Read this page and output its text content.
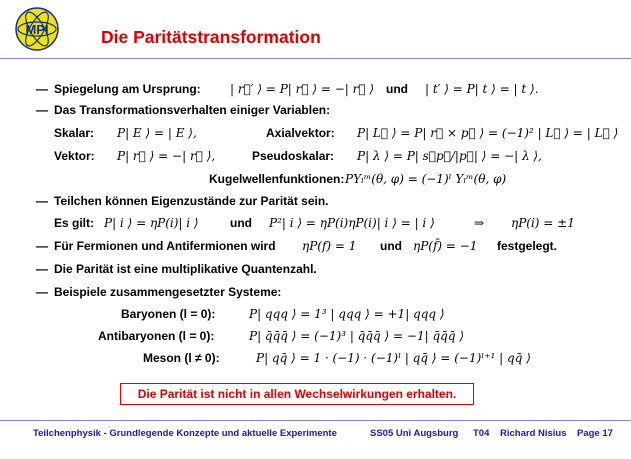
MPI	Die Paritätstransformation
— Spiegelung am Ursprung: | r⃗′ ⟩ = P| r⃗ ⟩ = −| r⃗ ⟩ und | t′ ⟩ = P| t ⟩ = | t ⟩.
— Das Transformationsverhalten einiger Variablen:
Skalar: P| E ⟩ = | E ⟩,	Axialvektor: P| L⃗ ⟩ = P| r⃗ × p⃗ ⟩ = (−1)² | L⃗ ⟩ = | L⃗ ⟩
Vektor: P| r⃗ ⟩ = −| r⃗ ⟩,	Pseudoskalar: P| λ ⟩ = P| s⃗p⃗/|p⃗| ⟩ = −| λ ⟩,
Kugelwellenfunktionen: PYₗᵐ(θ, φ) = (−1)ˡ Yₗᵐ(θ, φ)
— Teilchen können Eigenzustände zur Parität sein.
Es gilt: P| i ⟩ = ηP(i)| i ⟩	und P²| i ⟩ = ηP(i)ηP(i)| i ⟩ = | i ⟩	⇒ ηP(i) = ±1
— Für Fermionen und Antifermionen wird ηP(f) = 1 und ηP(f̄) = −1 festgelegt.
— Die Parität ist eine multiplikative Quantenzahl.
— Beispiele zusammengesetzter Systeme:
Baryonen (l = 0):	P| qqq ⟩ = 1³ | qqq ⟩ = +1| qqq ⟩
Antibaryonen (l = 0):	P| q̄q̄q̄ ⟩ = (−1)³ | q̄q̄q̄ ⟩ = −1| q̄q̄q̄ ⟩
Meson (l ≠ 0):	P| qq̄ ⟩ = 1 · (−1) · (−1)ˡ | qq̄ ⟩ = (−1)ˡ⁺¹ | qq̄ ⟩
Die Parität ist nicht in allen Wechselwirkungen erhalten.
Teilchenphysik - Grundlegende Konzepte und aktuelle Experimente	SS05 Uni Augsburg T04 Richard Nisius Page 17
